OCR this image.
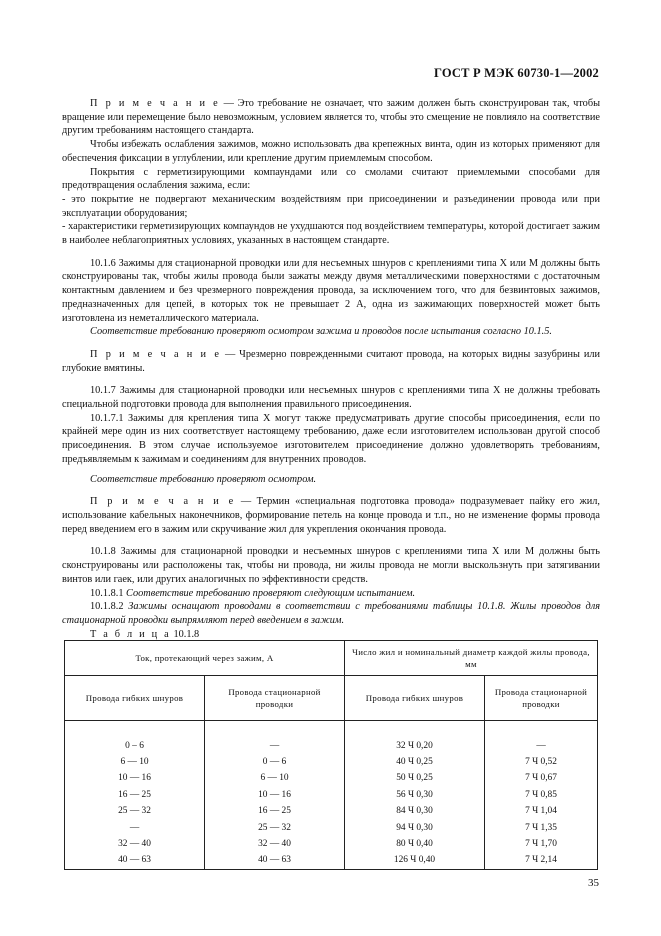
ГОСТ Р МЭК 60730-1—2002

П р и м е ч а н и е — Это требование не означает, что зажим должен быть сконструирован так, чтобы вращение или перемещение было невозможным, условием является то, чтобы это смещение не повлияло на соответствие другим требованиям настоящего стандарта.

Чтобы избежать ослабления зажимов, можно использовать два крепежных винта, один из которых применяют для обеспечения фиксации в углублении, или крепление другим приемлемым способом.

Покрытия с герметизирующими компаундами или со смолами считают приемлемыми способами для предотвращения ослабления зажима, если:

- это покрытие не подвергают механическим воздействиям при присоединении и разъединении провода или при эксплуатации оборудования;

- характеристики герметизирующих компаундов не ухудшаются под воздействием температуры, которой достигает зажим в наиболее неблагоприятных условиях, указанных в настоящем стандарте.

10.1.6 Зажимы для стационарной проводки или для несъемных шнуров с креплениями типа X или M должны быть сконструированы так, чтобы жилы провода были зажаты между двумя металлическими поверхностями с достаточным контактным давлением и без чрезмерного повреждения провода, за исключением того, что для безвинтовых зажимов, предназначенных для цепей, в которых ток не превышает 2 А, одна из зажимающих поверхностей может быть изготовлена из неметаллического материала.

Соответствие требованию проверяют осмотром зажима и проводов после испытания согласно 10.1.5.

П р и м е ч а н и е — Чрезмерно поврежденными считают провода, на которых видны зазубрины или глубокие вмятины.

10.1.7 Зажимы для стационарной проводки или несъемных шнуров с креплениями типа X не должны требовать специальной подготовки провода для выполнения правильного присоединения.

10.1.7.1 Зажимы для крепления типа X могут также предусматривать другие способы присоединения, если по крайней мере один из них соответствует настоящему требованию, даже если изготовителем использован другой способ присоединения. В этом случае используемое изготовителем присоединение должно удовлетворять требованиям, предъявляемым к зажимам и соединениям для внутренних проводов.

Соответствие требованию проверяют осмотром.

П р и м е ч а н и е — Термин «специальная подготовка провода» подразумевает пайку его жил, использование кабельных наконечников, формирование петель на конце провода и т.п., но не изменение формы провода перед введением его в зажим или скручивание жил для укрепления окончания провода.

10.1.8 Зажимы для стационарной проводки и несъемных шнуров с креплениями типа X или M должны быть сконструированы или расположены так, чтобы ни провода, ни жилы провода не могли выскользнуть при затягивании винтов или гаек, или других аналогичных по эффективности средств.

10.1.8.1 Соответствие требованию проверяют следующим испытанием.

10.1.8.2 Зажимы оснащают проводами в соответствии с требованиями таблицы 10.1.8. Жилы проводов для стационарной проводки выпрямляют перед введением в зажим.

Т а б л и ц а 10.1.8

Ток, протекающий через зажим, А		Число жил и номинальный диаметр каждой жилы провода, мм	
Провода гибких шнуров	Провода стационарной проводки	Провода гибких шнуров	Провода стационарной проводки

0 – 6	—	32 Ч 0,20	—
6 — 10	0 — 6	40 Ч 0,25	7 Ч 0,52
10 — 16	6 — 10	50 Ч 0,25	7 Ч 0,67
16 — 25	10 — 16	56 Ч 0,30	7 Ч 0,85
25 — 32	16 — 25	84 Ч 0,30	7 Ч 1,04
—	25 — 32	94 Ч 0,30	7 Ч 1,35
32 — 40	32 — 40	80 Ч 0,40	7 Ч 1,70
40 — 63	40 — 63	126 Ч 0,40	7 Ч 2,14
35
